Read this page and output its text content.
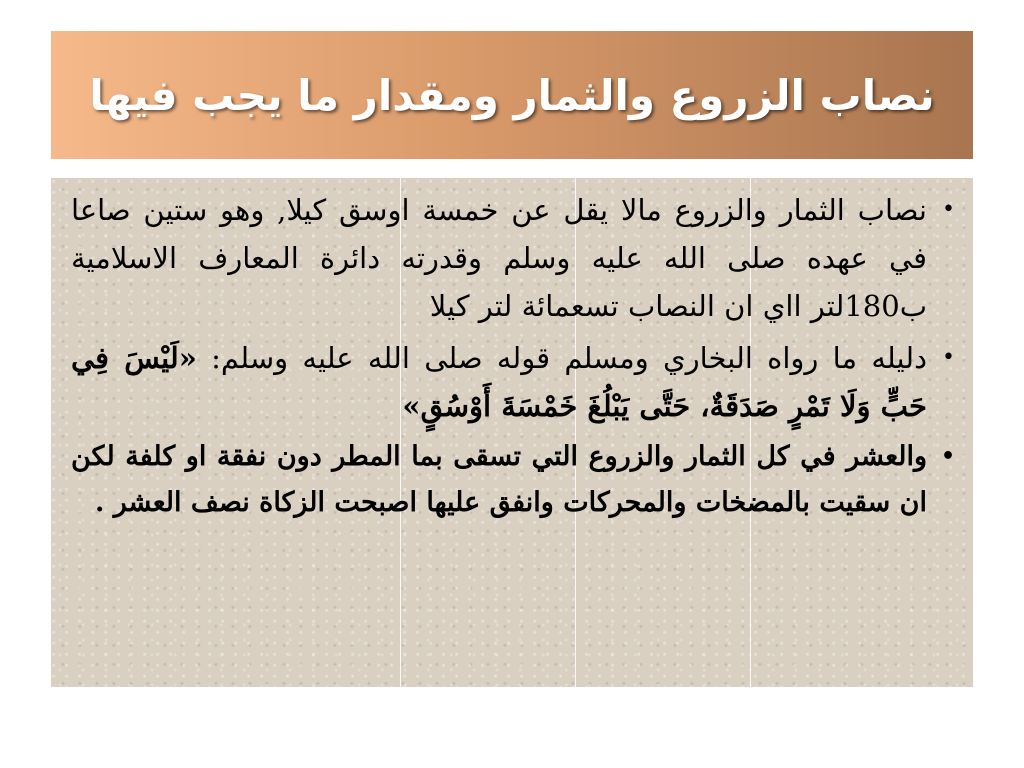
نصاب الزروع والثمار ومقدار ما يجب فيها
•
نصاب الثمار والزروع مالا يقل عن خمسة اوسق كيلا, وهو ستين صاعا في عهده صلى الله عليه وسلم وقدرته دائرة المعارف الاسلامية ب180لتر ااي ان النصاب تسعمائة لتر كيلا
•
دليله ما رواه البخاري ومسلم قوله صلى الله عليه وسلم: «لَيْسَ فِي حَبٍّ وَلَا تَمْرٍ صَدَقَةٌ، حَتَّى يَبْلُغَ خَمْسَةَ أَوْسُقٍ»
•
والعشر في كل الثمار والزروع التي تسقى بما المطر دون نفقة او كلفة لكن ان سقيت بالمضخات والمحركات وانفق عليها اصبحت الزكاة نصف العشر .
